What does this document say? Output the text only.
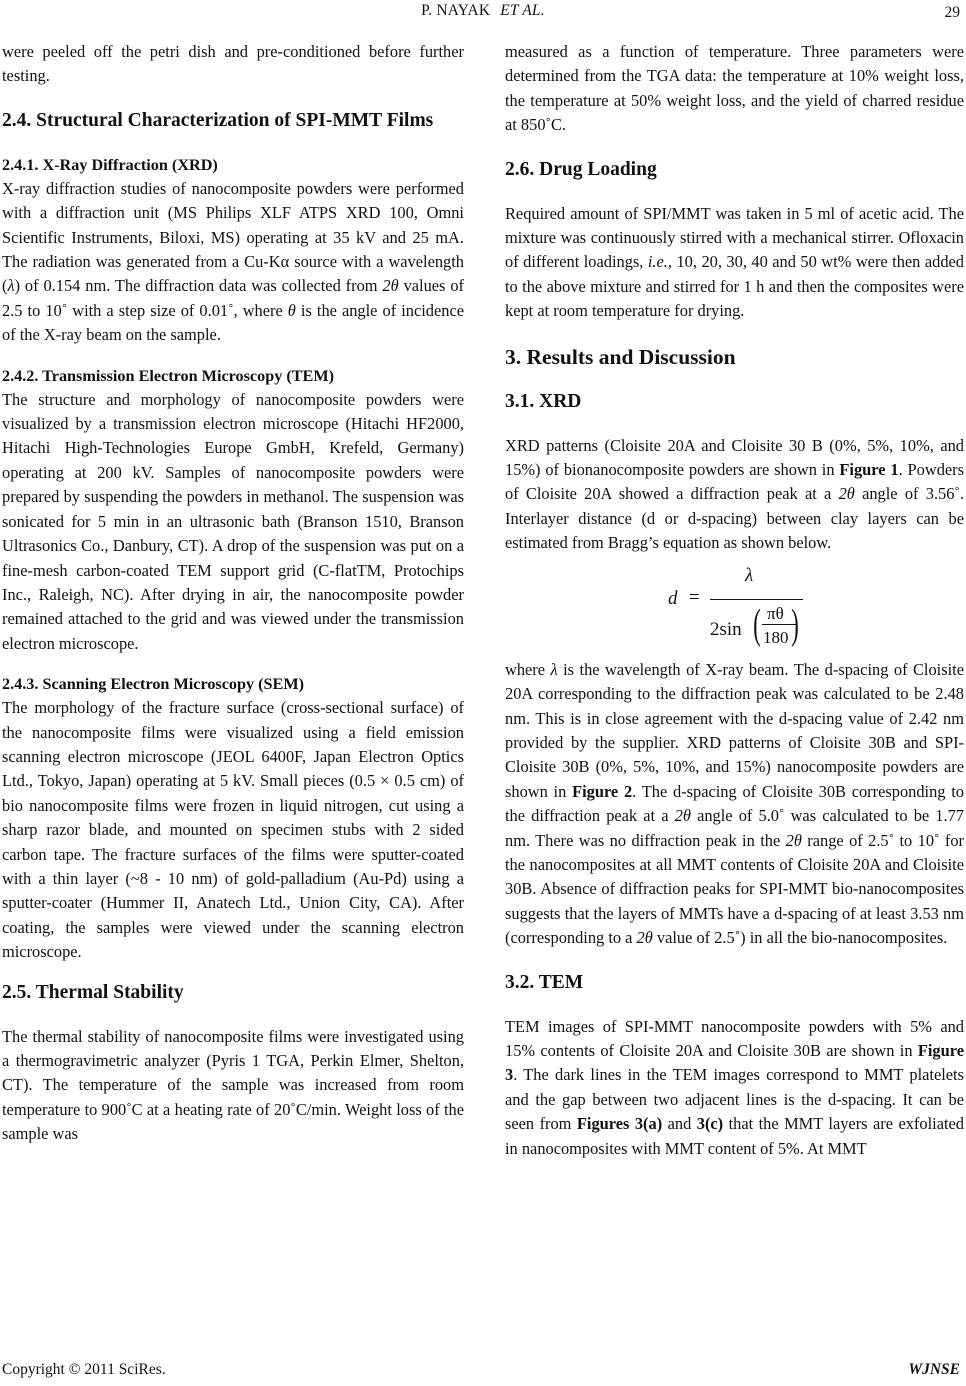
P. NAYAK ET AL.	29

were peeled off the petri dish and pre-conditioned before further testing.

2.4. Structural Characterization of SPI-MMT Films
2.4.1. X-Ray Diffraction (XRD)

X-ray diffraction studies of nanocomposite powders were performed with a diffraction unit (MS Philips XLF ATPS XRD 100, Omni Scientific Instruments, Biloxi, MS) operating at 35 kV and 25 mA. The radiation was generated from a Cu-Kα source with a wavelength (λ) of 0.154 nm. The diffraction data was collected from 2θ values of 2.5 to 10˚ with a step size of 0.01˚, where θ is the angle of incidence of the X-ray beam on the sample.

2.4.2. Transmission Electron Microscopy (TEM)

The structure and morphology of nanocomposite powders were visualized by a transmission electron microscope (Hitachi HF2000, Hitachi High-Technologies Europe GmbH, Krefeld, Germany) operating at 200 kV. Samples of nanocomposite powders were prepared by suspending the powders in methanol. The suspension was sonicated for 5 min in an ultrasonic bath (Branson 1510, Branson Ultrasonics Co., Danbury, CT). A drop of the suspension was put on a fine-mesh carbon-coated TEM support grid (C-flatTM, Protochips Inc., Raleigh, NC). After drying in air, the nanocomposite powder remained attached to the grid and was viewed under the transmission electron microscope.

2.4.3. Scanning Electron Microscopy (SEM)

The morphology of the fracture surface (cross-sectional surface) of the nanocomposite films were visualized using a field emission scanning electron microscope (JEOL 6400F, Japan Electron Optics Ltd., Tokyo, Japan) operating at 5 kV. Small pieces (0.5 × 0.5 cm) of bio nanocomposite films were frozen in liquid nitrogen, cut using a sharp razor blade, and mounted on specimen stubs with 2 sided carbon tape. The fracture surfaces of the films were sputter-coated with a thin layer (~8 - 10 nm) of gold-palladium (Au-Pd) using a sputter-coater (Hummer II, Anatech Ltd., Union City, CA). After coating, the samples were viewed under the scanning electron microscope.

2.5. Thermal Stability

The thermal stability of nanocomposite films were investigated using a thermogravimetric analyzer (Pyris 1 TGA, Perkin Elmer, Shelton, CT). The temperature of the sample was increased from room temperature to 900˚C at a heating rate of 20˚C/min. Weight loss of the sample was

measured as a function of temperature. Three parameters were determined from the TGA data: the temperature at 10% weight loss, the temperature at 50% weight loss, and the yield of charred residue at 850˚C.

2.6. Drug Loading

Required amount of SPI/MMT was taken in 5 ml of acetic acid. The mixture was continuously stirred with a mechanical stirrer. Ofloxacin of different loadings, i.e., 10, 20, 30, 40 and 50 wt% were then added to the above mixture and stirred for 1 h and then the composites were kept at room temperature for drying.

3. Results and Discussion
3.1. XRD

XRD patterns (Cloisite 20A and Cloisite 30 B (0%, 5%, 10%, and 15%) of bionanocomposite powders are shown in Figure 1. Powders of Cloisite 20A showed a diffraction peak at a 2θ angle of 3.56˚. Interlayer distance (d or d-spacing) between clay layers can be estimated from Bragg’s equation as shown below.

d =
λ
2sin ( πθ
180 )

where λ is the wavelength of X-ray beam. The d-spacing of Cloisite 20A corresponding to the diffraction peak was calculated to be 2.48 nm. This is in close agreement with the d-spacing value of 2.42 nm provided by the supplier. XRD patterns of Cloisite 30B and SPI-Cloisite 30B (0%, 5%, 10%, and 15%) nanocomposite powders are shown in Figure 2. The d-spacing of Cloisite 30B corresponding to the diffraction peak at a 2θ angle of 5.0˚ was calculated to be 1.77 nm. There was no diffraction peak in the 2θ range of 2.5˚ to 10˚ for the nanocomposites at all MMT contents of Cloisite 20A and Cloisite 30B. Absence of diffraction peaks for SPI-MMT bio-nanocomposites suggests that the layers of MMTs have a d-spacing of at least 3.53 nm (corresponding to a 2θ value of 2.5˚) in all the bio-nanocomposites.

3.2. TEM

TEM images of SPI-MMT nanocomposite powders with 5% and 15% contents of Cloisite 20A and Cloisite 30B are shown in Figure 3. The dark lines in the TEM images correspond to MMT platelets and the gap between two adjacent lines is the d-spacing. It can be seen from Figures 3(a) and 3(c) that the MMT layers are exfoliated in nanocomposites with MMT content of 5%. At MMT

Copyright © 2011 SciRes.	WJNSE
